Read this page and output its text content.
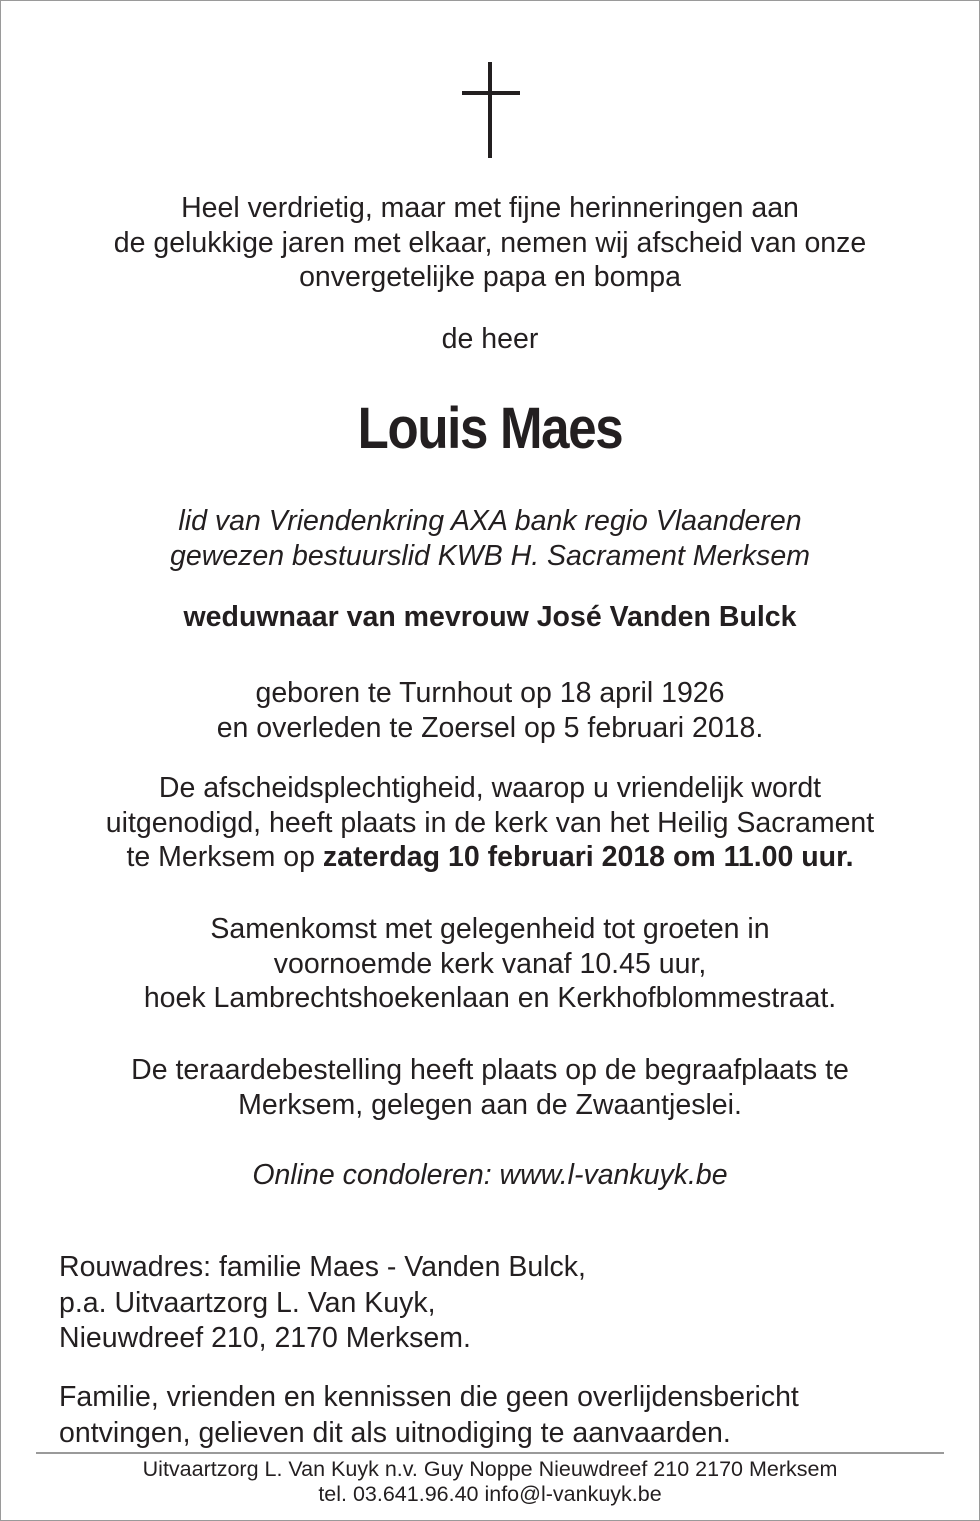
Heel verdrietig, maar met fijne herinneringen aan
de gelukkige jaren met elkaar, nemen wij afscheid van onze
onvergetelijke papa en bompa
de heer
Louis Maes
lid van Vriendenkring AXA bank regio Vlaanderen
gewezen bestuurslid KWB H. Sacrament Merksem
weduwnaar van mevrouw José Vanden Bulck
geboren te Turnhout op 18 april 1926
en overleden te Zoersel op 5 februari 2018.
De afscheidsplechtigheid, waarop u vriendelijk wordt
uitgenodigd, heeft plaats in de kerk van het Heilig Sacrament
te Merksem op zaterdag 10 februari 2018 om 11.00 uur.
Samenkomst met gelegenheid tot groeten in
voornoemde kerk vanaf 10.45 uur,
hoek Lambrechtshoekenlaan en Kerkhofblommestraat.
De teraardebestelling heeft plaats op de begraafplaats te
Merksem, gelegen aan de Zwaantjeslei.
Online condoleren: www.l-vankuyk.be
Rouwadres: familie Maes - Vanden Bulck,
p.a. Uitvaartzorg L. Van Kuyk,
Nieuwdreef 210, 2170 Merksem.
Familie, vrienden en kennissen die geen overlijdensbericht
ontvingen, gelieven dit als uitnodiging te aanvaarden.
Uitvaartzorg L. Van Kuyk n.v. Guy Noppe Nieuwdreef 210 2170 Merksem
tel. 03.641.96.40 info@l-vankuyk.be
